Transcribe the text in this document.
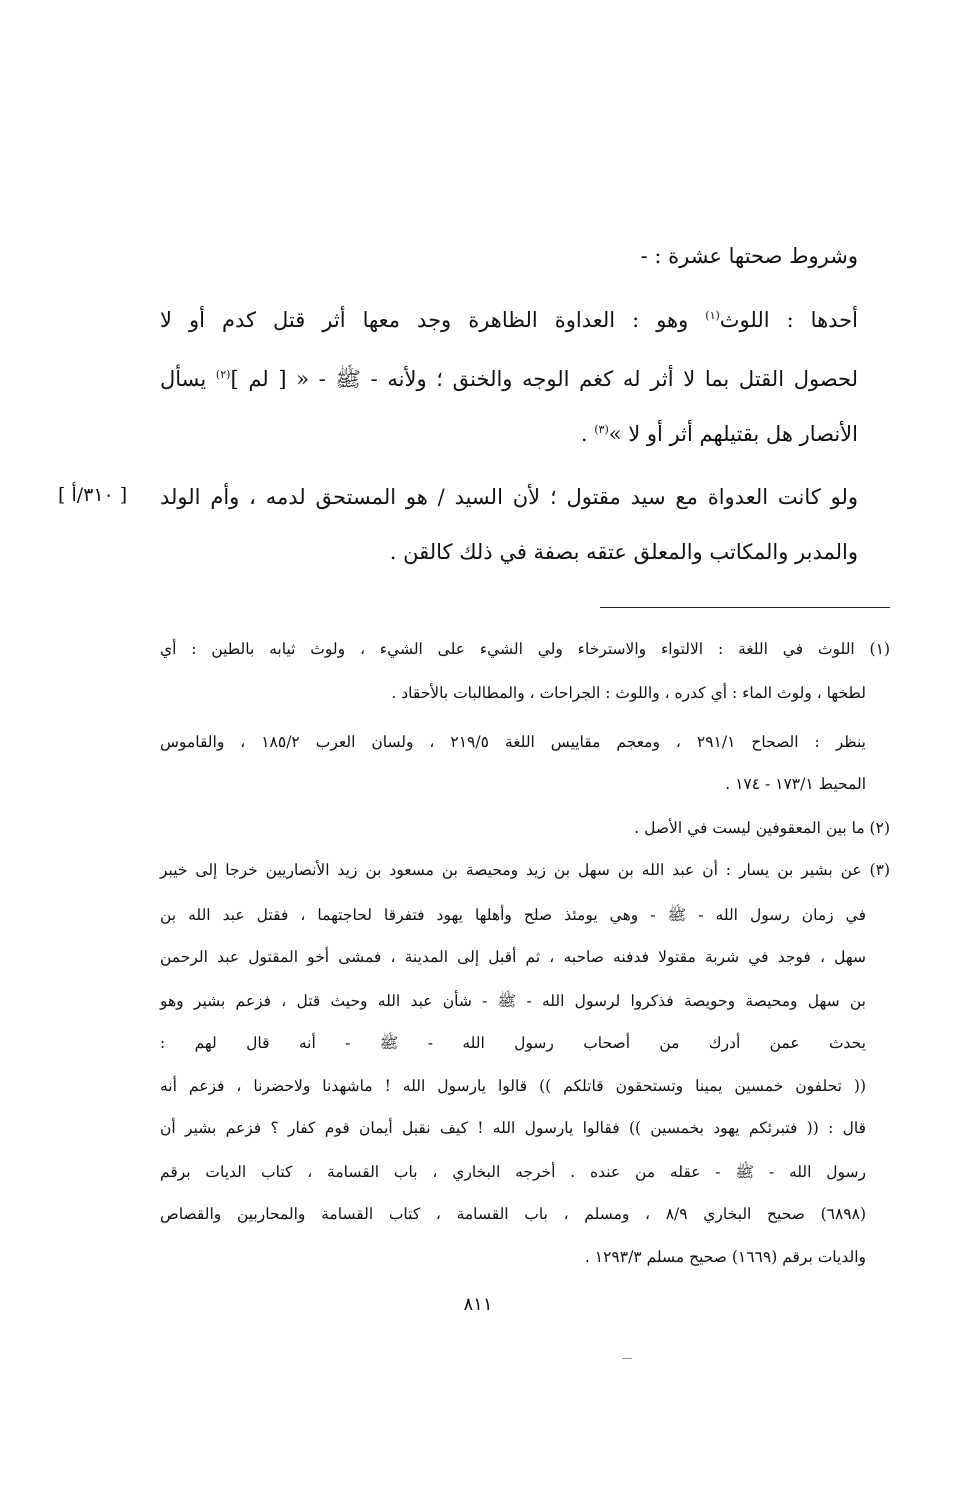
وشروط صحتها عشرة : -
أحدها : اللوث$^{(١)}$ وهو : العداوة الظاهرة وجد معها أثر قتل كدم أو لا
لحصول القتل بما لا أثر له كغم الوجه والخنق ؛ ولأنه - ﷺ - « [ لم ]$^{(٢)}$ يسأل
الأنصار هل بقتيلهم أثر أو لا »$^{(٣)}$ .
ولو كانت العدواة مع سيد مقتول ؛ لأن السيد / هو المستحق لدمه ، وأم الولد
والمدبر والمكاتب والمعلق عتقه بصفة في ذلك كالقن .
[ ٣١٠/أ ]
(١) اللوث في اللغة : الالتواء والاسترخاء ولي الشيء على الشيء ، ولوث ثيابه بالطين : أي
لطخها ، ولوث الماء : أي كدره ، واللوث : الجراحات ، والمطالبات بالأحقاد .
ينظر : الصحاح ٢٩١/١ ، ومعجم مقاييس اللغة ٢١٩/٥ ، ولسان العرب ١٨٥/٢ ، والقاموس
المحيط ١٧٣/١ - ١٧٤ .
(٢) ما بين المعقوفين ليست في الأصل .
(٣) عن بشير بن يسار : أن عبد الله بن سهل بن زيد ومحيصة بن مسعود بن زيد الأنصاريين خرجا إلى خيبر
في زمان رسول الله - ﷺ - وهي يومئذ صلح وأهلها يهود فتفرقا لحاجتهما ، فقتل عبد الله بن
سهل ، فوجد في شربة مقتولا فدفنه صاحبه ، ثم أقبل إلى المدينة ، فمشى أخو المقتول عبد الرحمن
بن سهل ومحيصة وحويصة فذكروا لرسول الله - ﷺ - شأن عبد الله وحيث قتل ، فزعم بشير وهو
يحدث عمن أدرك من أصحاب رسول الله - ﷺ - أنه قال لهم :
(( تحلفون خمسين يمينا وتستحقون قاتلكم )) قالوا يارسول الله ! ماشهدنا ولاحضرنا ، فزعم أنه
قال : (( فتبرئكم يهود بخمسين )) فقالوا يارسول الله ! كيف نقبل أيمان قوم كفار ؟ فزعم بشير أن
رسول الله - ﷺ - عقله من عنده . أخرجه البخاري ، باب القسامة ، كتاب الديات برقم
(٦٨٩٨) صحيح البخاري ٨/٩ ، ومسلم ، باب القسامة ، كتاب القسامة والمحاربين والقصاص
والديات برقم (١٦٦٩) صحيح مسلم ١٢٩٣/٣ .
٨١١
